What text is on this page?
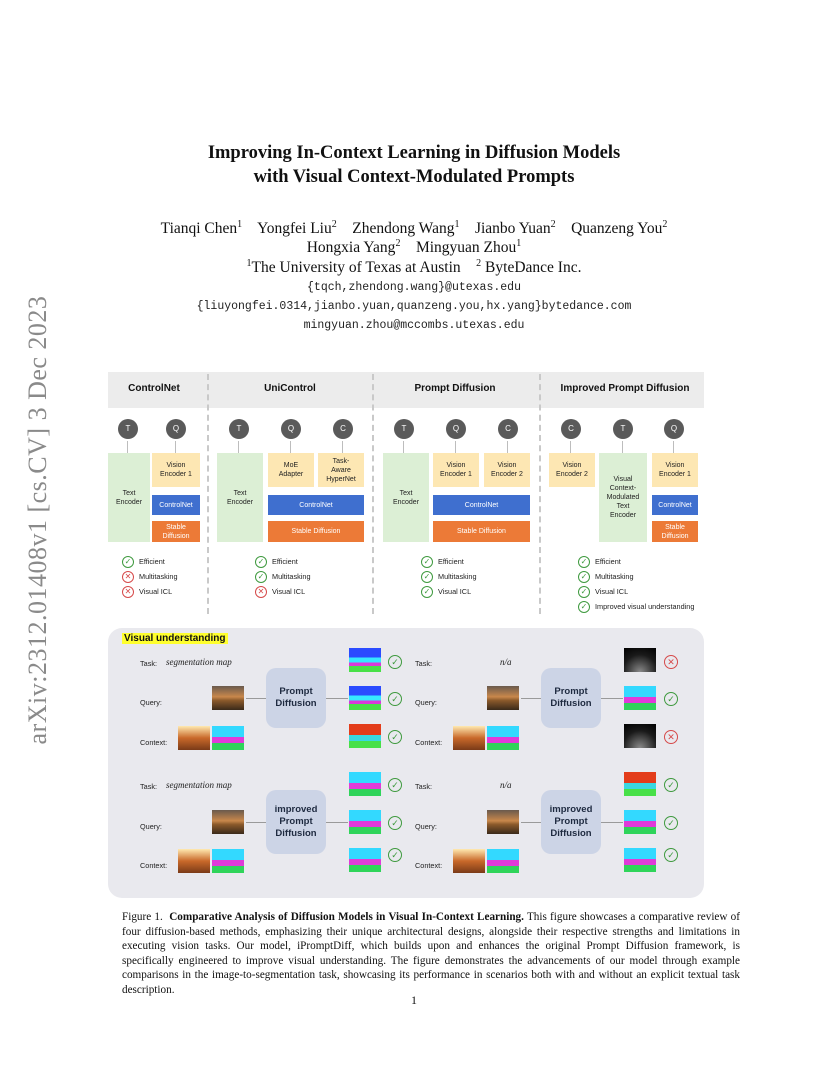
arXiv:2312.01408v1 [cs.CV] 3 Dec 2023
Improving In-Context Learning in Diffusion Models
with Visual Context-Modulated Prompts
Tianqi Chen$^1$ Yongfei Liu$^2$ Zhendong Wang$^1$ Jianbo Yuan$^2$ Quanzeng You$^2$
Hongxia Yang$^2$ Mingyuan Zhou$^1$
$^1$The University of Texas at Austin $^2$ ByteDance Inc.
{tqch,zhendong.wang}@utexas.edu
{liuyongfei.0314,jianbo.yuan,quanzeng.you,hx.yang}bytedance.com
mingyuan.zhou@mccombs.utexas.edu
ControlNet	UniControl	Prompt Diffusion	Improved Prompt Diffusion
T	Q
Text
Encoder
Vision
Encoder 1
ControlNet
Stable
Diffusion
✓ Efficient
✕ Multitasking
✕ Visual ICL
T	Q	C
Text
Encoder
MoE
Adapter
Task-
Aware
HyperNet
ControlNet
Stable Diffusion
✓ Efficient
✓ Multitasking
✕ Visual ICL
T	Q	C
Text
Encoder
Vision
Encoder 1
Vision
Encoder 2
ControlNet
Stable Diffusion
✓ Efficient
✓ Multitasking
✓ Visual ICL
C	T	Q
Vision
Encoder 2
Visual
Context-
Modulated
Text
Encoder
Vision
Encoder 1
ControlNet
Stable
Diffusion
✓ Efficient
✓ Multitasking
✓ Visual ICL
✓ Improved visual understanding
Visual understanding
Task: segmentation map
Query:
Context:
Prompt
Diffusion
✓
✓
✓
Task:	n/a
Query:
Context:
Prompt
Diffusion
✕
✓
✕
Task: segmentation map
Query:
Context:
improved
Prompt
Diffusion
✓
✓
✓
Task:	n/a
Query:
Context:
improved
Prompt
Diffusion
✓
✓
✓
Figure 1. Comparative Analysis of Diffusion Models in Visual In-Context Learning. This figure showcases a comparative review of four diffusion-based methods, emphasizing their unique architectural designs, alongside their respective strengths and limitations in executing vision tasks. Our model, iPromptDiff, which builds upon and enhances the original Prompt Diffusion framework, is specifically engineered to improve visual understanding. The figure demonstrates the advancements of our model through example comparisons in the image-to-segmentation task, showcasing its performance in scenarios both with and without an explicit textual task description.
1
